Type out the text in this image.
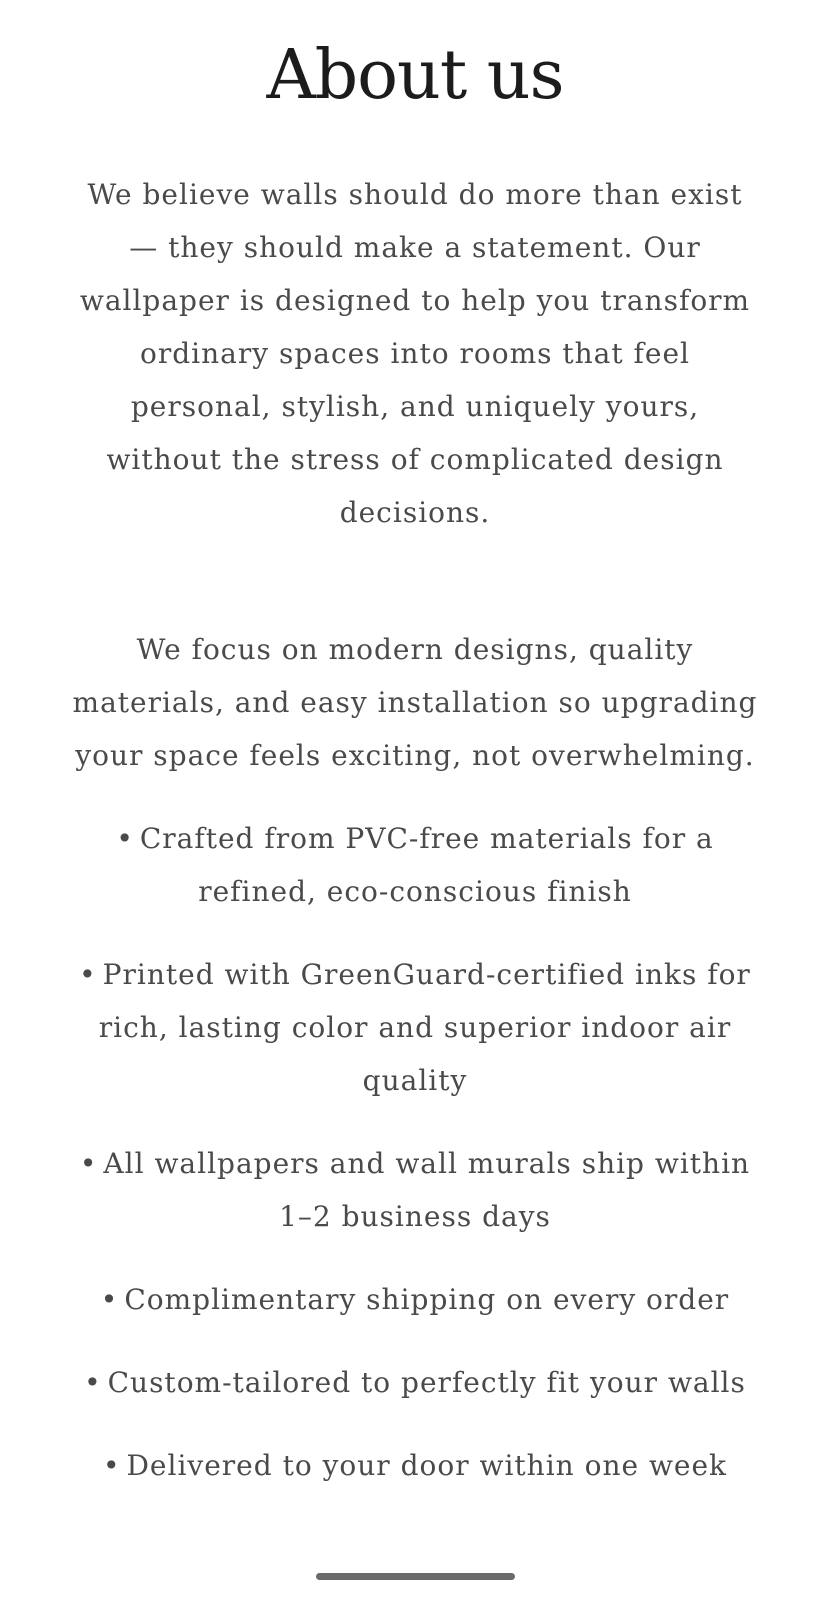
About us

We believe walls should do more than exist — they should make a statement. Our wallpaper is designed to help you transform ordinary spaces into rooms that feel personal, stylish, and uniquely yours, without the stress of complicated design decisions.

We focus on modern designs, quality materials, and easy installation so upgrading your space feels exciting, not overwhelming.

• Crafted from PVC-free materials for a refined, eco-conscious finish
• Printed with GreenGuard-certified inks for rich, lasting color and superior indoor air quality
• All wallpapers and wall murals ship within 1–2 business days
• Complimentary shipping on every order
• Custom-tailored to perfectly fit your walls
• Delivered to your door within one week
